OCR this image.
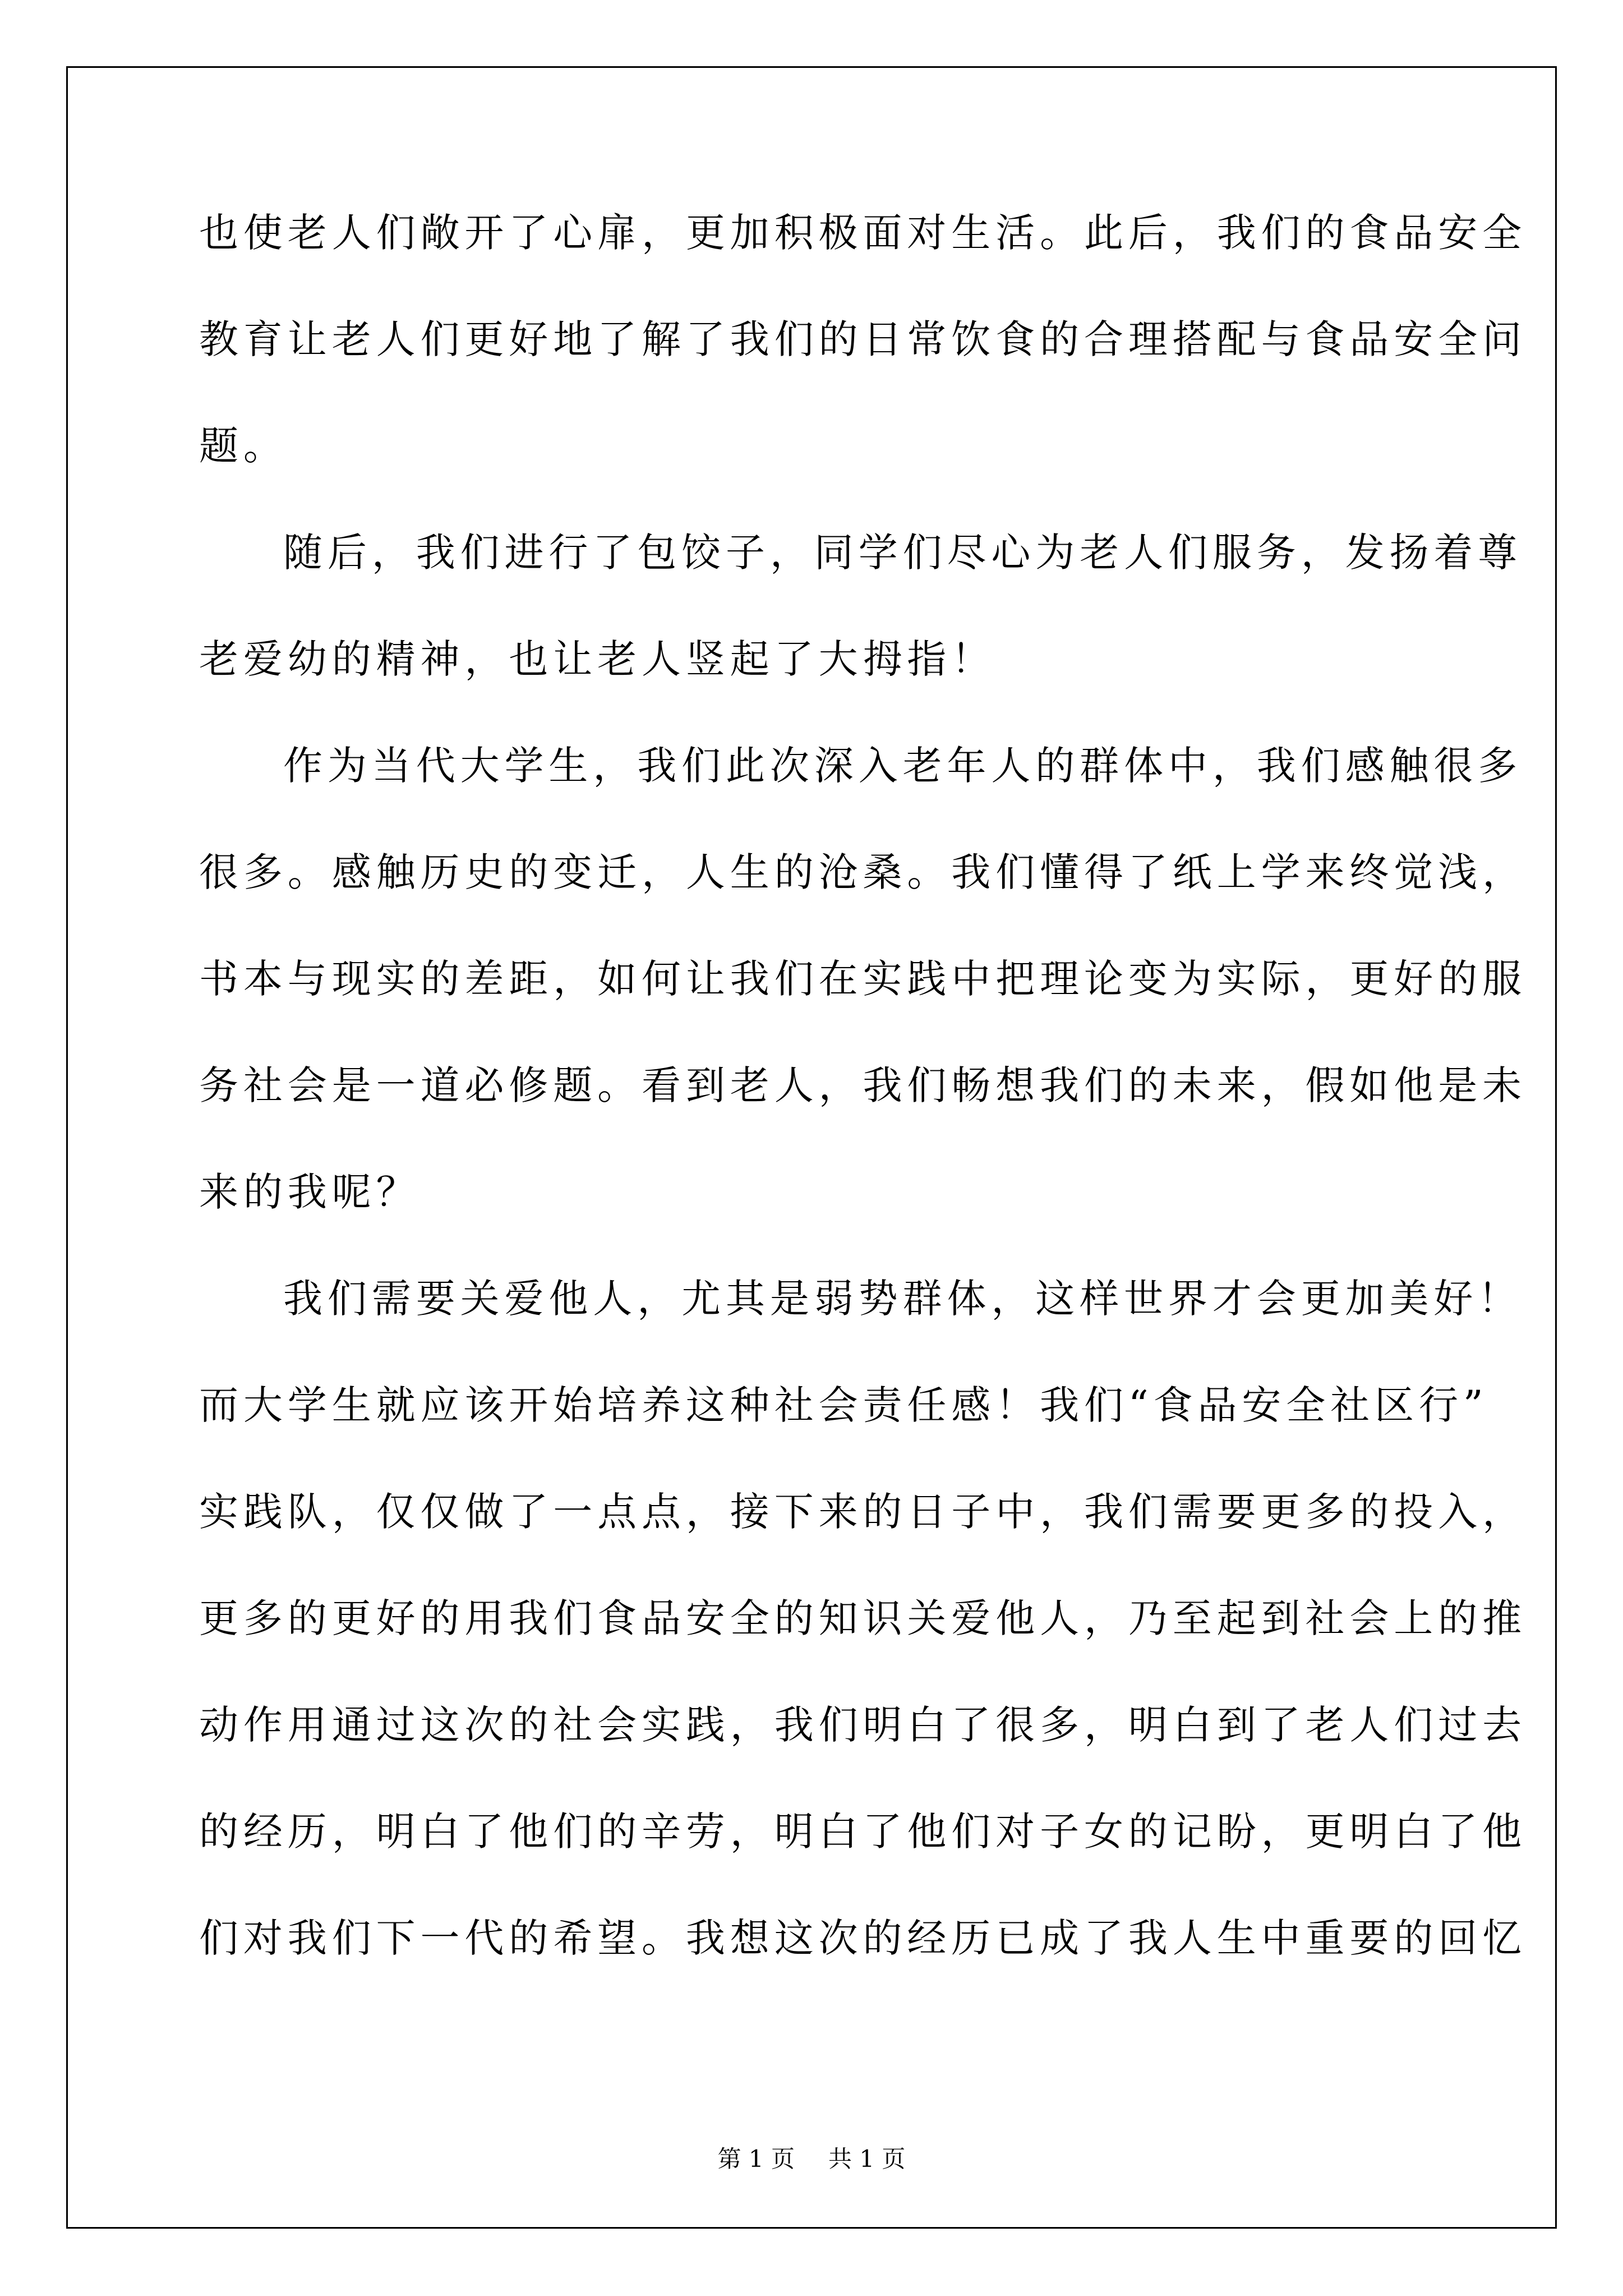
也使老人们敞开了心扉，更加积极面对生活。此后，我们的食品安全
教育让老人们更好地了解了我们的日常饮食的合理搭配与食品安全问
题。
随后，我们进行了包饺子，同学们尽心为老人们服务，发扬着尊
老爱幼的精神，也让老人竖起了大拇指！
作为当代大学生，我们此次深入老年人的群体中，我们感触很多
很多。感触历史的变迁，人生的沧桑。我们懂得了纸上学来终觉浅，
书本与现实的差距，如何让我们在实践中把理论变为实际，更好的服
务社会是一道必修题。看到老人，我们畅想我们的未来，假如他是未
来的我呢？
我们需要关爱他人，尤其是弱势群体，这样世界才会更加美好！
而大学生就应该开始培养这种社会责任感！我们“食品安全社区行”
实践队，仅仅做了一点点，接下来的日子中，我们需要更多的投入，
更多的更好的用我们食品安全的知识关爱他人，乃至起到社会上的推
动作用通过这次的社会实践，我们明白了很多，明白到了老人们过去
的经历，明白了他们的辛劳，明白了他们对子女的记盼，更明白了他
们对我们下一代的希望。我想这次的经历已成了我人生中重要的回忆
第 1 页 共 1 页
